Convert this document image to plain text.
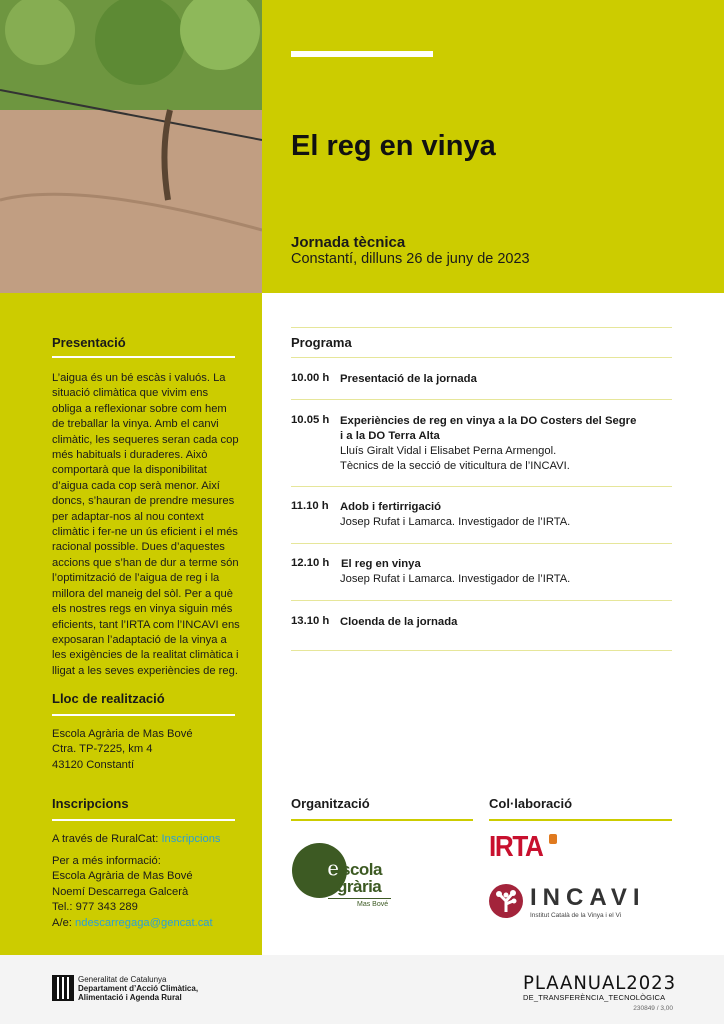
El reg en vinya
Jornada tècnica
Constantí, dilluns 26 de juny de 2023
Presentació
L’aigua és un bé escàs i valuós. La situació climàtica que vivim ens obliga a reflexionar sobre com hem de treballar la vinya. Amb el canvi climàtic, les sequeres seran cada cop més habituals i duraderes. Això comportarà que la disponibilitat d’aigua cada cop serà menor. Així doncs, s’hauran de prendre mesures per adaptar-nos al nou context climàtic i fer-ne un ús eficient i el més racional possible. Dues d’aquestes accions que s’han de dur a terme són l’optimització de l’aigua de reg i la millora del maneig del sòl. Per a què els nostres regs en vinya siguin més eficients, tant l’IRTA com l’INCAVI ens exposaran l’adaptació de la vinya a les exigències de la realitat climàtica i lligat a les seves experiències de reg.
Lloc de realització
Escola Agrària de Mas Bové
Ctra. TP-7225, km 4
43120 Constantí
Inscripcions
A través de RuralCat: Inscripcions
Per a més informació:
Escola Agrària de Mas Bové
Noemí Descarrega Galcerà
Tel.: 977 343 289
A/e: ndescarregaga@gencat.cat
Programa
10.00 h Presentació de la jornada
10.05 h Experiències de reg en vinya a la DO Costers del Segre
i a la DO Terra Alta
Lluís Giralt Vidal i Elisabet Perna Armengol.
Tècnics de la secció de viticultura de l’INCAVI.
11.10 h Adob i fertirrigació
Josep Rufat i Lamarca. Investigador de l’IRTA.
12.10 h El reg en vinya
Josep Rufat i Lamarca. Investigador de l’IRTA.
13.10 h Cloenda de la jornada
Organització	Col·laboració
e scola
grària
Mas Bové
IRTA
INCAVI
Institut Català de la Vinya i el Vi
Generalitat de Catalunya
Departament d’Acció Climàtica,
Alimentació i Agenda Rural
PLAANUAL2023
DE_TRANSFERÈNCIA_TECNOLÒGICA
230849 / 3,00
